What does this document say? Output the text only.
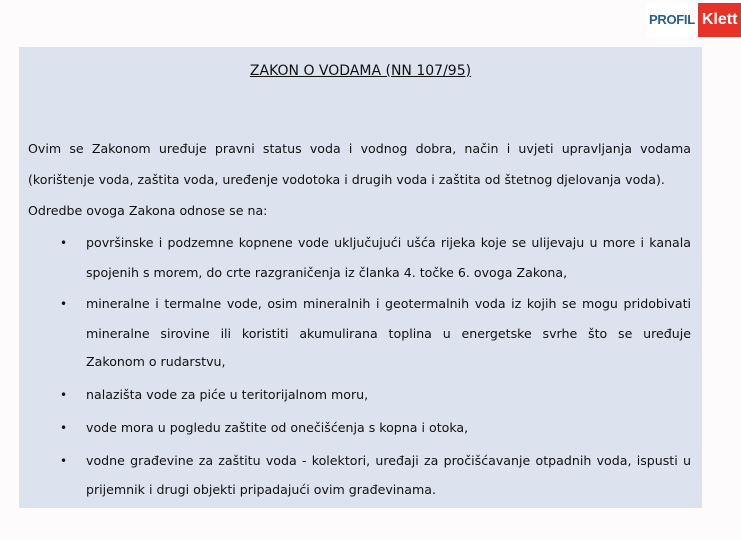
PROFIL Klett
ZAKON O VODAMA (NN 107/95)
Ovim se Zakonom uređuje pravni status voda i vodnog dobra, način i uvjeti upravljanja vodama
(korištenje voda, zaštita voda, uređenje vodotoka i drugih voda i zaštita od štetnog djelovanja voda).
Odredbe ovoga Zakona odnose se na:
• površinske i podzemne kopnene vode uključujući ušća rijeka koje se ulijevaju u more i kanala
spojenih s morem, do crte razgraničenja iz članka 4. točke 6. ovoga Zakona,
• mineralne i termalne vode, osim mineralnih i geotermalnih voda iz kojih se mogu pridobivati
mineralne sirovine ili koristiti akumulirana toplina u energetske svrhe što se uređuje
Zakonom o rudarstvu,
• nalazišta vode za piće u teritorijalnom moru,
• vode mora u pogledu zaštite od onečišćenja s kopna i otoka,
• vodne građevine za zaštitu voda - kolektori, uređaji za pročišćavanje otpadnih voda, ispusti u
prijemnik i drugi objekti pripadajući ovim građevinama.
